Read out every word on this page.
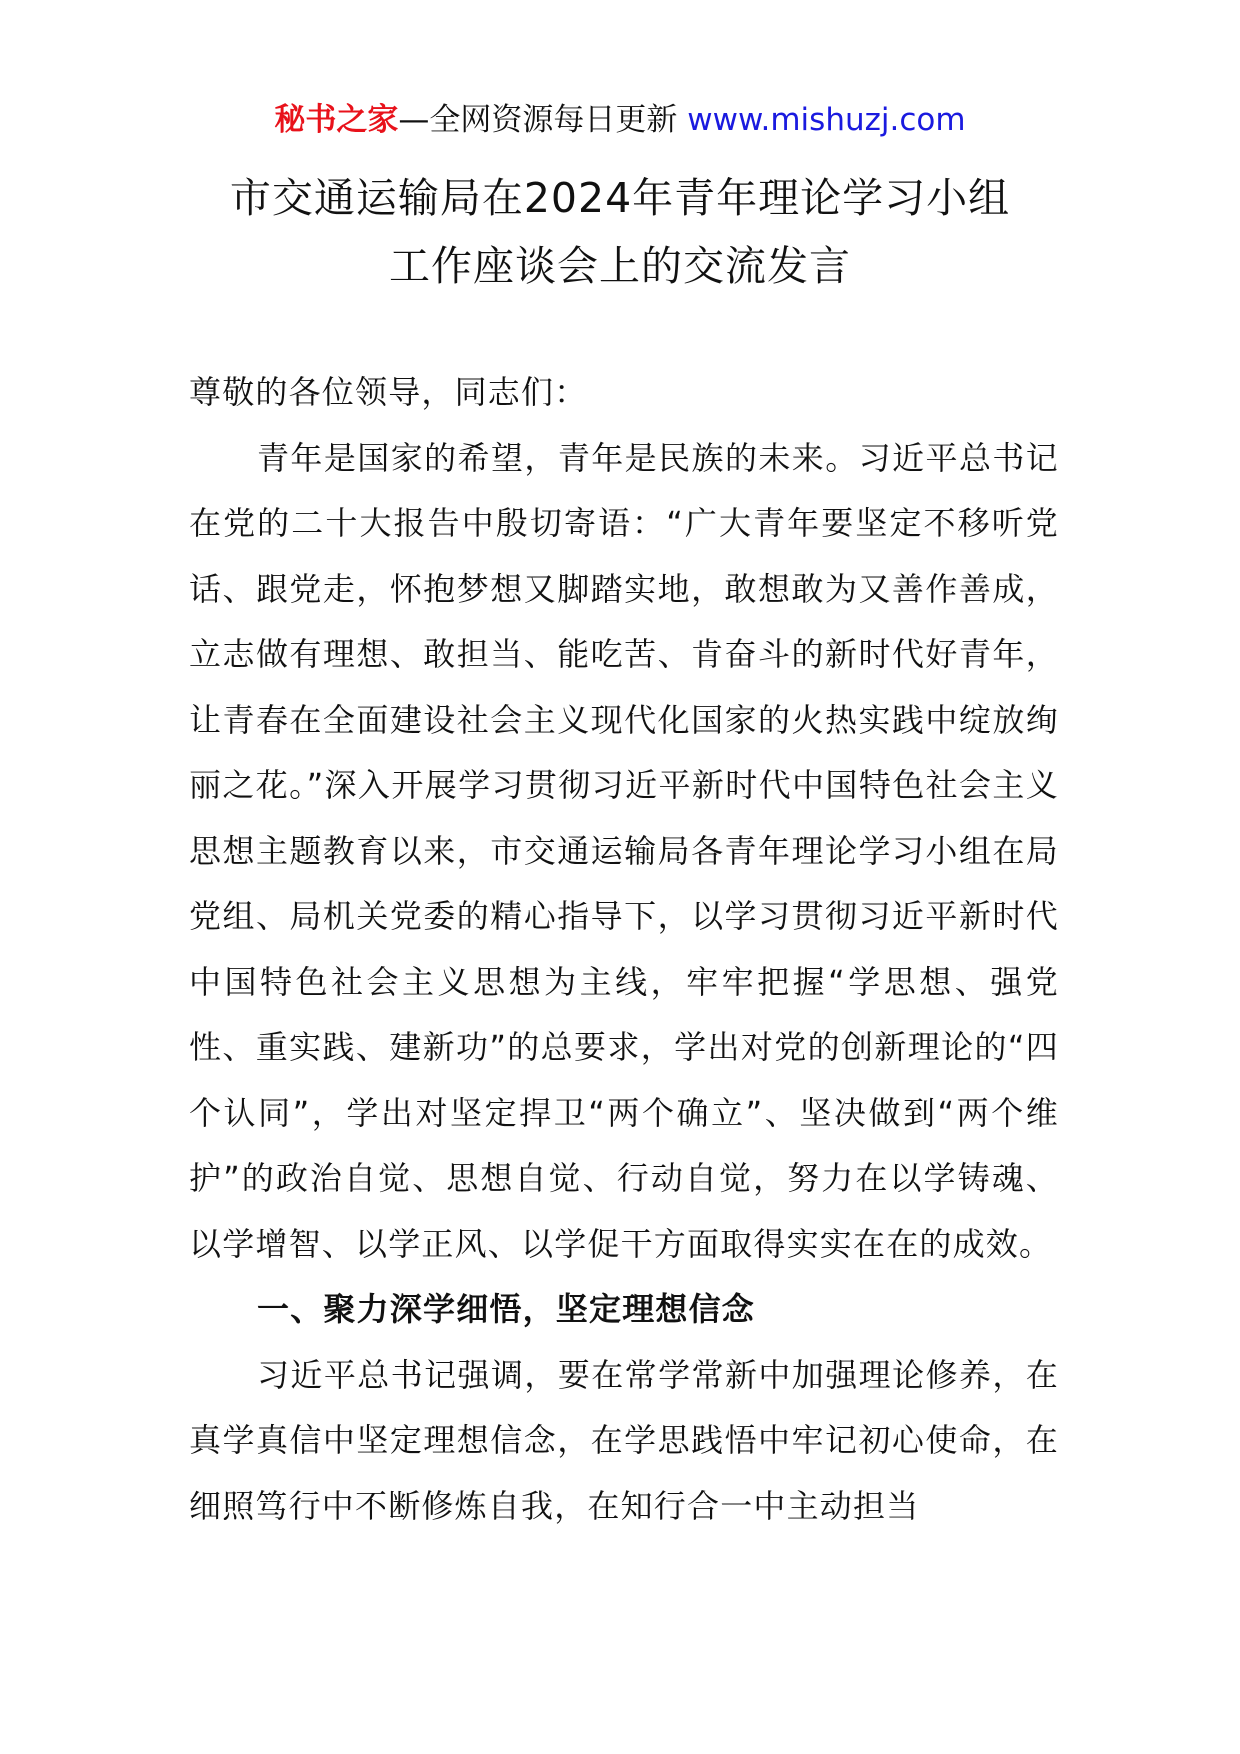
秘书之家—全网资源每日更新 www.mishuzj.com
市交通运输局在2024年青年理论学习小组
工作座谈会上的交流发言

尊敬的各位领导，同志们：

青年是国家的希望，青年是民族的未来。习近平总书记在党的二十大报告中殷切寄语：“广大青年要坚定不移听党话、跟党走，怀抱梦想又脚踏实地，敢想敢为又善作善成，立志做有理想、敢担当、能吃苦、肯奋斗的新时代好青年，让青春在全面建设社会主义现代化国家的火热实践中绽放绚丽之花。”深入开展学习贯彻习近平新时代中国特色社会主义思想主题教育以来，市交通运输局各青年理论学习小组在局党组、局机关党委的精心指导下，以学习贯彻习近平新时代中国特色社会主义思想为主线，牢牢把握“学思想、强党性、重实践、建新功”的总要求，学出对党的创新理论的“四个认同”，学出对坚定捍卫“两个确立”、坚决做到“两个维护”的政治自觉、思想自觉、行动自觉，努力在以学铸魂、以学增智、以学正风、以学促干方面取得实实在在的成效。

一、聚力深学细悟，坚定理想信念

习近平总书记强调，要在常学常新中加强理论修养，在真学真信中坚定理想信念，在学思践悟中牢记初心使命，在细照笃行中不断修炼自我，在知行合一中主动担当
